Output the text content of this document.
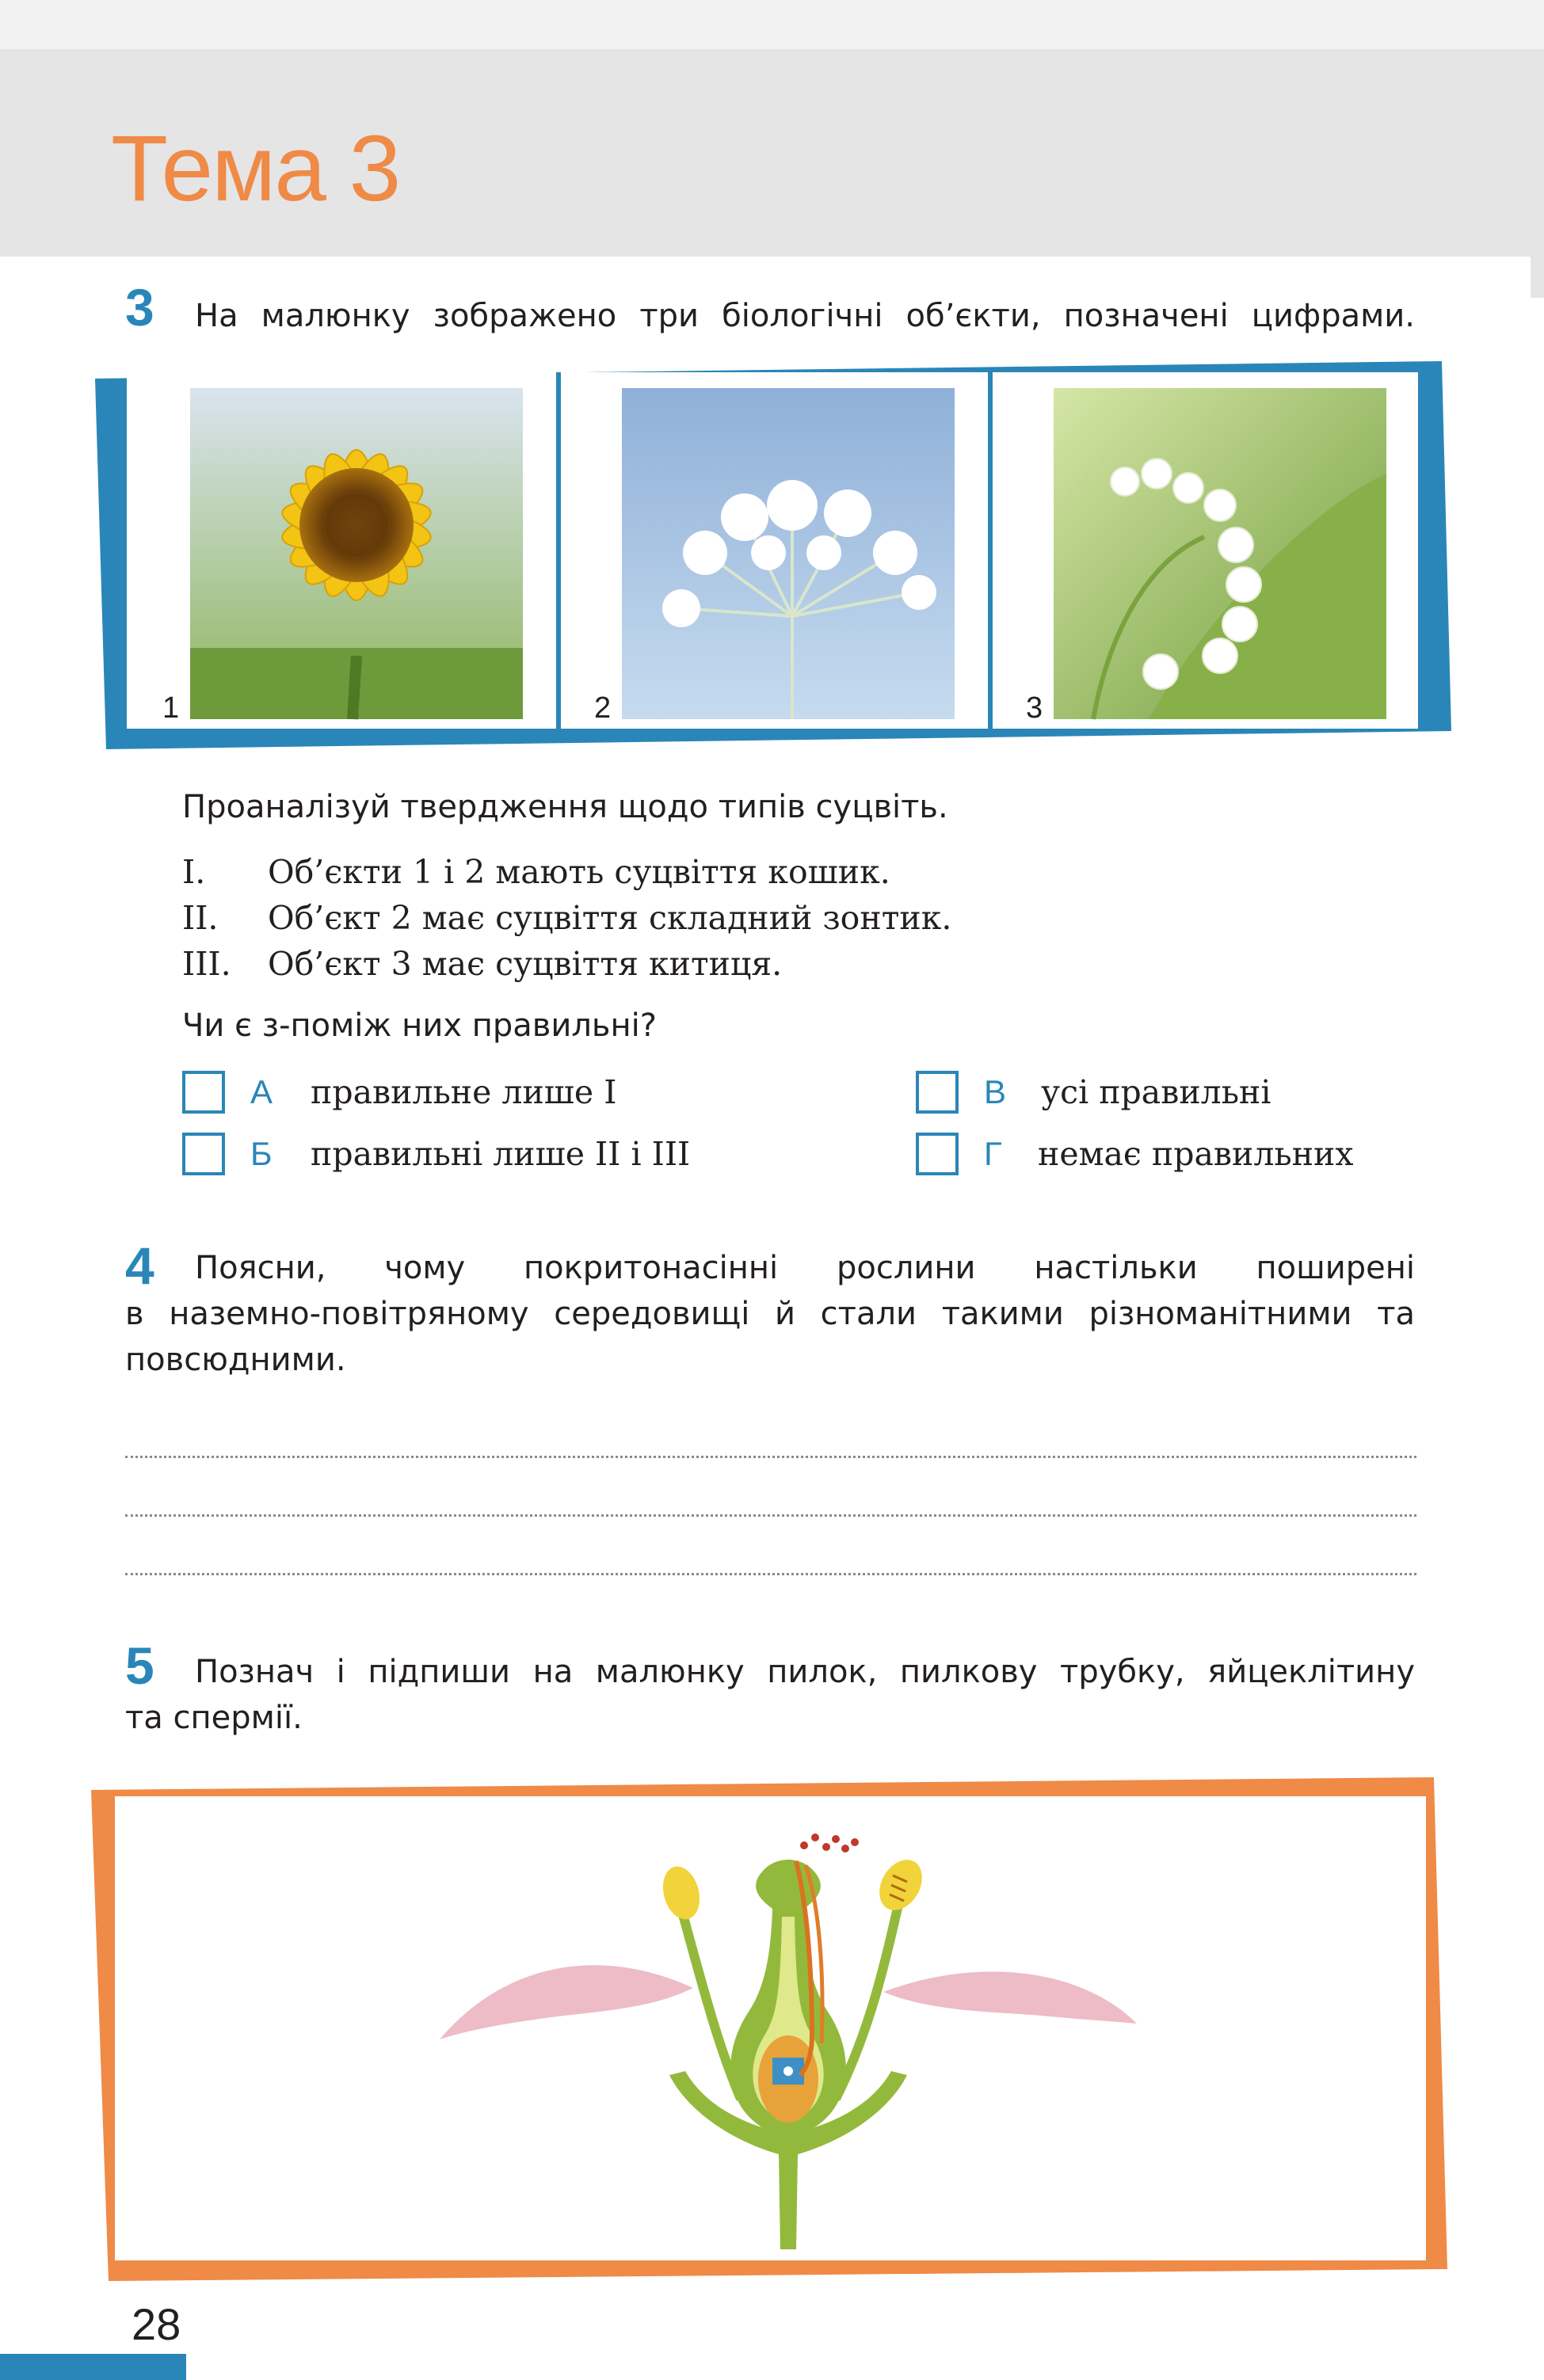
Тема 3
3 На малюнку зображено три біологічні об’єкти, позначені цифрами.
1	2	3
Проаналізуй твердження щодо типів суцвіть.
I. Об’єкти 1 і 2 мають суцвіття кошик.
II. Об’єкт 2 має суцвіття складний зонтик.
III. Об’єкт 3 має суцвіття китиця.
Чи є з-поміж них правильні?
А правильне лише I
Б правильні лише II і III
В усі правильні
Г немає правильних
4 Поясни, чому покритонасінні рослини настільки поширені
в наземно-повітряному середовищі й стали такими різноманітними та
повсюдними.
5 Познач і підпиши на малюнку пилок, пилкову трубку, яйцеклітину
та спермії.
28
